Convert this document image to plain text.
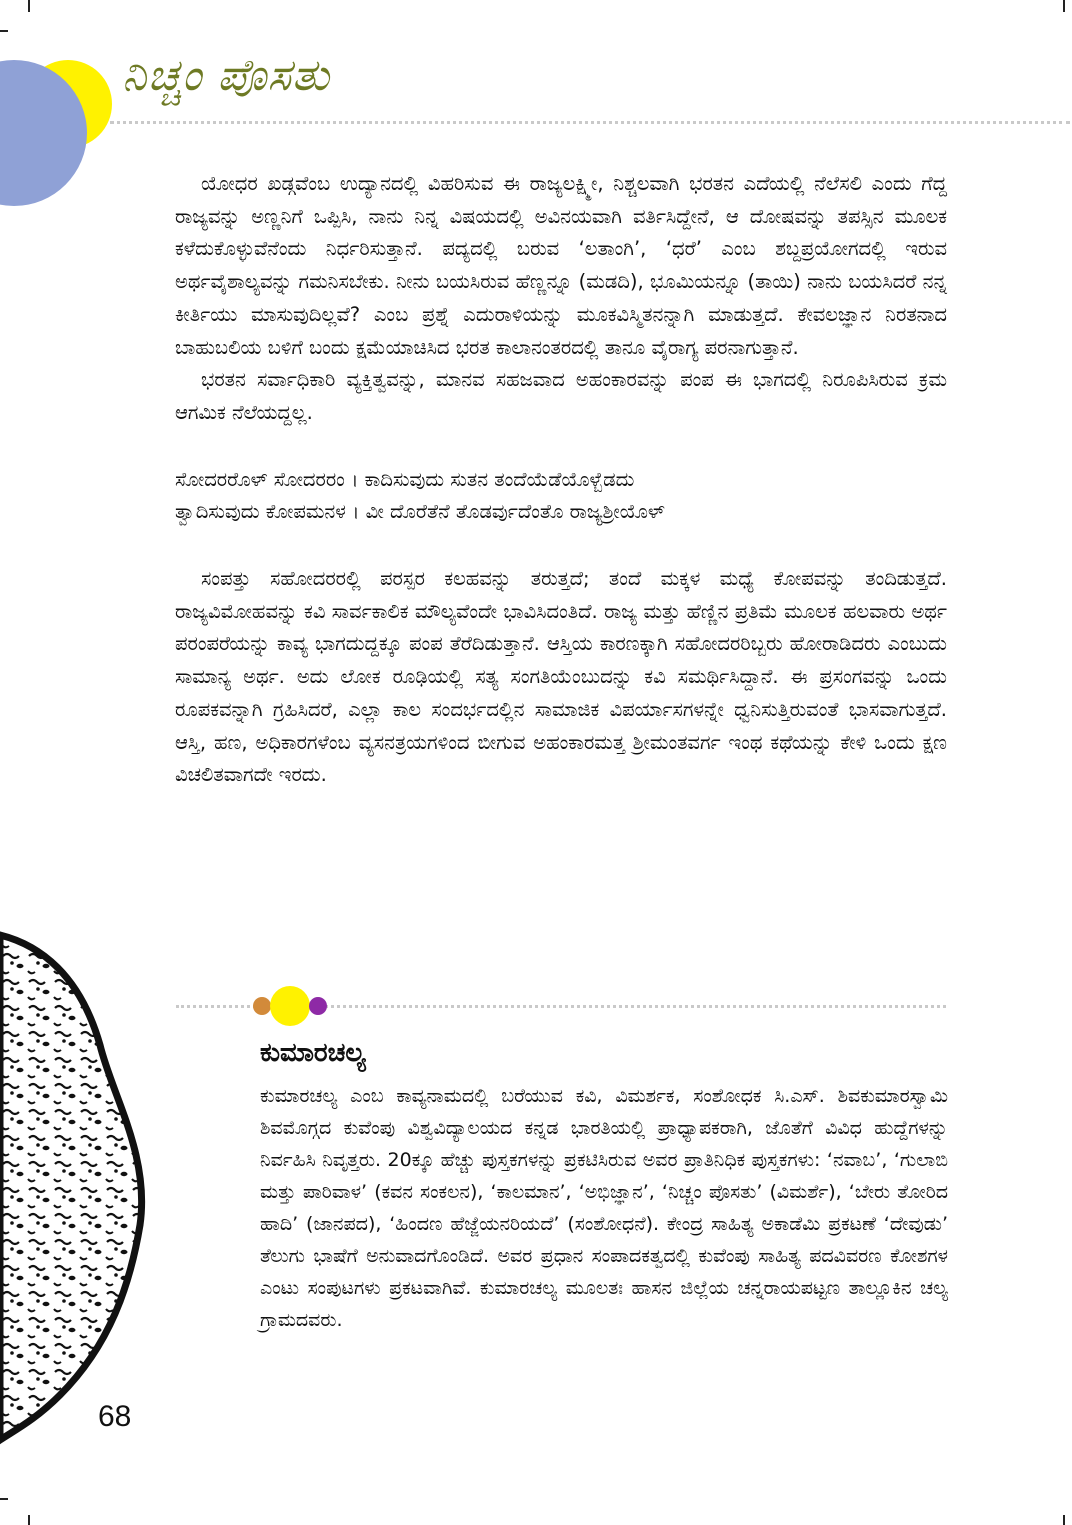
ನಿಚ್ಚಂ ಪೊಸತು

ಯೋಧರ ಖಡ್ಗವೆಂಬ ಉದ್ಯಾನದಲ್ಲಿ ವಿಹರಿಸುವ ಈ ರಾಜ್ಯಲಕ್ಷ್ಮೀ, ನಿಶ್ಚಲವಾಗಿ ಭರತನ ಎದೆಯಲ್ಲಿ ನೆಲೆಸಲಿ ಎಂದು ಗೆದ್ದ ರಾಜ್ಯವನ್ನು ಅಣ್ಣನಿಗೆ ಒಪ್ಪಿಸಿ, ನಾನು ನಿನ್ನ ವಿಷಯದಲ್ಲಿ ಅವಿನಯವಾಗಿ ವರ್ತಿಸಿದ್ದೇನೆ, ಆ ದೋಷವನ್ನು ತಪಸ್ಸಿನ ಮೂಲಕ ಕಳೆದುಕೊಳ್ಳುವೆನೆಂದು ನಿರ್ಧರಿಸುತ್ತಾನೆ. ಪದ್ಯದಲ್ಲಿ ಬರುವ ‘ಲತಾಂಗಿ’, ‘ಧರೆ’ ಎಂಬ ಶಬ್ದಪ್ರಯೋಗದಲ್ಲಿ ಇರುವ ಅರ್ಥವೈಶಾಲ್ಯವನ್ನು ಗಮನಿಸಬೇಕು. ನೀನು ಬಯಸಿರುವ ಹೆಣ್ಣನ್ನೂ (ಮಡದಿ), ಭೂಮಿಯನ್ನೂ (ತಾಯಿ) ನಾನು ಬಯಸಿದರೆ ನನ್ನ ಕೀರ್ತಿಯು ಮಾಸುವುದಿಲ್ಲವೆ? ಎಂಬ ಪ್ರಶ್ನೆ ಎದುರಾಳಿಯನ್ನು ಮೂಕವಿಸ್ಮಿತನನ್ನಾಗಿ ಮಾಡುತ್ತದೆ. ಕೇವಲಜ್ಞಾನ ನಿರತನಾದ ಬಾಹುಬಲಿಯ ಬಳಿಗೆ ಬಂದು ಕ್ಷಮೆಯಾಚಿಸಿದ ಭರತ ಕಾಲಾನಂತರದಲ್ಲಿ ತಾನೂ ವೈರಾಗ್ಯ ಪರನಾಗುತ್ತಾನೆ.

ಭರತನ ಸರ್ವಾಧಿಕಾರಿ ವ್ಯಕ್ತಿತ್ವವನ್ನು, ಮಾನವ ಸಹಜವಾದ ಅಹಂಕಾರವನ್ನು ಪಂಪ ಈ ಭಾಗದಲ್ಲಿ ನಿರೂಪಿಸಿರುವ ಕ್ರಮ ಆಗಮಿಕ ನೆಲೆಯದ್ದಲ್ಲ.

ಸೋದರರೊಳ್ ಸೋದರರಂ । ಕಾದಿಸುವುದು ಸುತನ ತಂದೆಯೆಡೆಯೊಳ್ಬೆಡದು
ತ್ವಾದಿಸುವುದು ಕೋಪಮನಳ । ವೀ ದೊರೆತೆನೆ ತೊಡರ್ವುದೆಂತೊ ರಾಜ್ಯಶ್ರೀಯೊಳ್

ಸಂಪತ್ತು ಸಹೋದರರಲ್ಲಿ ಪರಸ್ಪರ ಕಲಹವನ್ನು ತರುತ್ತದೆ; ತಂದೆ ಮಕ್ಕಳ ಮಧ್ಯೆ ಕೋಪವನ್ನು ತಂದಿಡುತ್ತದೆ. ರಾಜ್ಯವಿಮೋಹವನ್ನು ಕವಿ ಸಾರ್ವಕಾಲಿಕ ಮೌಲ್ಯವೆಂದೇ ಭಾವಿಸಿದಂತಿದೆ. ರಾಜ್ಯ ಮತ್ತು ಹೆಣ್ಣಿನ ಪ್ರತಿಮೆ ಮೂಲಕ ಹಲವಾರು ಅರ್ಥ ಪರಂಪರೆಯನ್ನು ಕಾವ್ಯ ಭಾಗದುದ್ದಕ್ಕೂ ಪಂಪ ತೆರೆದಿಡುತ್ತಾನೆ. ಆಸ್ತಿಯ ಕಾರಣಕ್ಕಾಗಿ ಸಹೋದರರಿಬ್ಬರು ಹೋರಾಡಿದರು ಎಂಬುದು ಸಾಮಾನ್ಯ ಅರ್ಥ. ಅದು ಲೋಕ ರೂಢಿಯಲ್ಲಿ ಸತ್ಯ ಸಂಗತಿಯೆಂಬುದನ್ನು ಕವಿ ಸಮರ್ಥಿಸಿದ್ದಾನೆ. ಈ ಪ್ರಸಂಗವನ್ನು ಒಂದು ರೂಪಕವನ್ನಾಗಿ ಗ್ರಹಿಸಿದರೆ, ಎಲ್ಲಾ ಕಾಲ ಸಂದರ್ಭದಲ್ಲಿನ ಸಾಮಾಜಿಕ ವಿಪರ್ಯಾಸಗಳನ್ನೇ ಧ್ವನಿಸುತ್ತಿರುವಂತೆ ಭಾಸವಾಗುತ್ತದೆ. ಆಸ್ತಿ, ಹಣ, ಅಧಿಕಾರಗಳೆಂಬ ವ್ಯಸನತ್ರಯಗಳಿಂದ ಬೀಗುವ ಅಹಂಕಾರಮತ್ತ ಶ್ರೀಮಂತವರ್ಗ ಇಂಥ ಕಥೆಯನ್ನು ಕೇಳಿ ಒಂದು ಕ್ಷಣ ವಿಚಲಿತವಾಗದೇ ಇರದು.

ಕುಮಾರಚಲ್ಯ

ಕುಮಾರಚಲ್ಯ ಎಂಬ ಕಾವ್ಯನಾಮದಲ್ಲಿ ಬರೆಯುವ ಕವಿ, ವಿಮರ್ಶಕ, ಸಂಶೋಧಕ ಸಿ.ಎಸ್. ಶಿವಕುಮಾರಸ್ವಾಮಿ ಶಿವಮೊಗ್ಗದ ಕುವೆಂಪು ವಿಶ್ವವಿದ್ಯಾಲಯದ ಕನ್ನಡ ಭಾರತಿಯಲ್ಲಿ ಪ್ರಾಧ್ಯಾಪಕರಾಗಿ, ಜೊತೆಗೆ ವಿವಿಧ ಹುದ್ದೆಗಳನ್ನು ನಿರ್ವಹಿಸಿ ನಿವೃತ್ತರು. 20ಕ್ಕೂ ಹೆಚ್ಚು ಪುಸ್ತಕಗಳನ್ನು ಪ್ರಕಟಿಸಿರುವ ಅವರ ಪ್ರಾತಿನಿಧಿಕ ಪುಸ್ತಕಗಳು: ‘ನವಾಬ’, ‘ಗುಲಾಬಿ ಮತ್ತು ಪಾರಿವಾಳ’ (ಕವನ ಸಂಕಲನ), ‘ಕಾಲಮಾನ’, ‘ಅಭಿಜ್ಞಾನ’, ‘ನಿಚ್ಚಂ ಪೊಸತು’ (ವಿಮರ್ಶೆ), ‘ಬೇರು ತೋರಿದ ಹಾದಿ’ (ಜಾನಪದ), ‘ಹಿಂದಣ ಹೆಜ್ಜೆಯನರಿಯದೆ’ (ಸಂಶೋಧನೆ). ಕೇಂದ್ರ ಸಾಹಿತ್ಯ ಅಕಾಡೆಮಿ ಪ್ರಕಟಣೆ ‘ದೇವುಡು’ ತೆಲುಗು ಭಾಷೆಗೆ ಅನುವಾದಗೊಂಡಿದೆ. ಅವರ ಪ್ರಧಾನ ಸಂಪಾದಕತ್ವದಲ್ಲಿ ಕುವೆಂಪು ಸಾಹಿತ್ಯ ಪದವಿವರಣ ಕೋಶಗಳ ಎಂಟು ಸಂಪುಟಗಳು ಪ್ರಕಟವಾಗಿವೆ. ಕುಮಾರಚಲ್ಯ ಮೂಲತಃ ಹಾಸನ ಜಿಲ್ಲೆಯ ಚನ್ನರಾಯಪಟ್ಟಣ ತಾಲ್ಲೂಕಿನ ಚಲ್ಯ ಗ್ರಾಮದವರು.

68
